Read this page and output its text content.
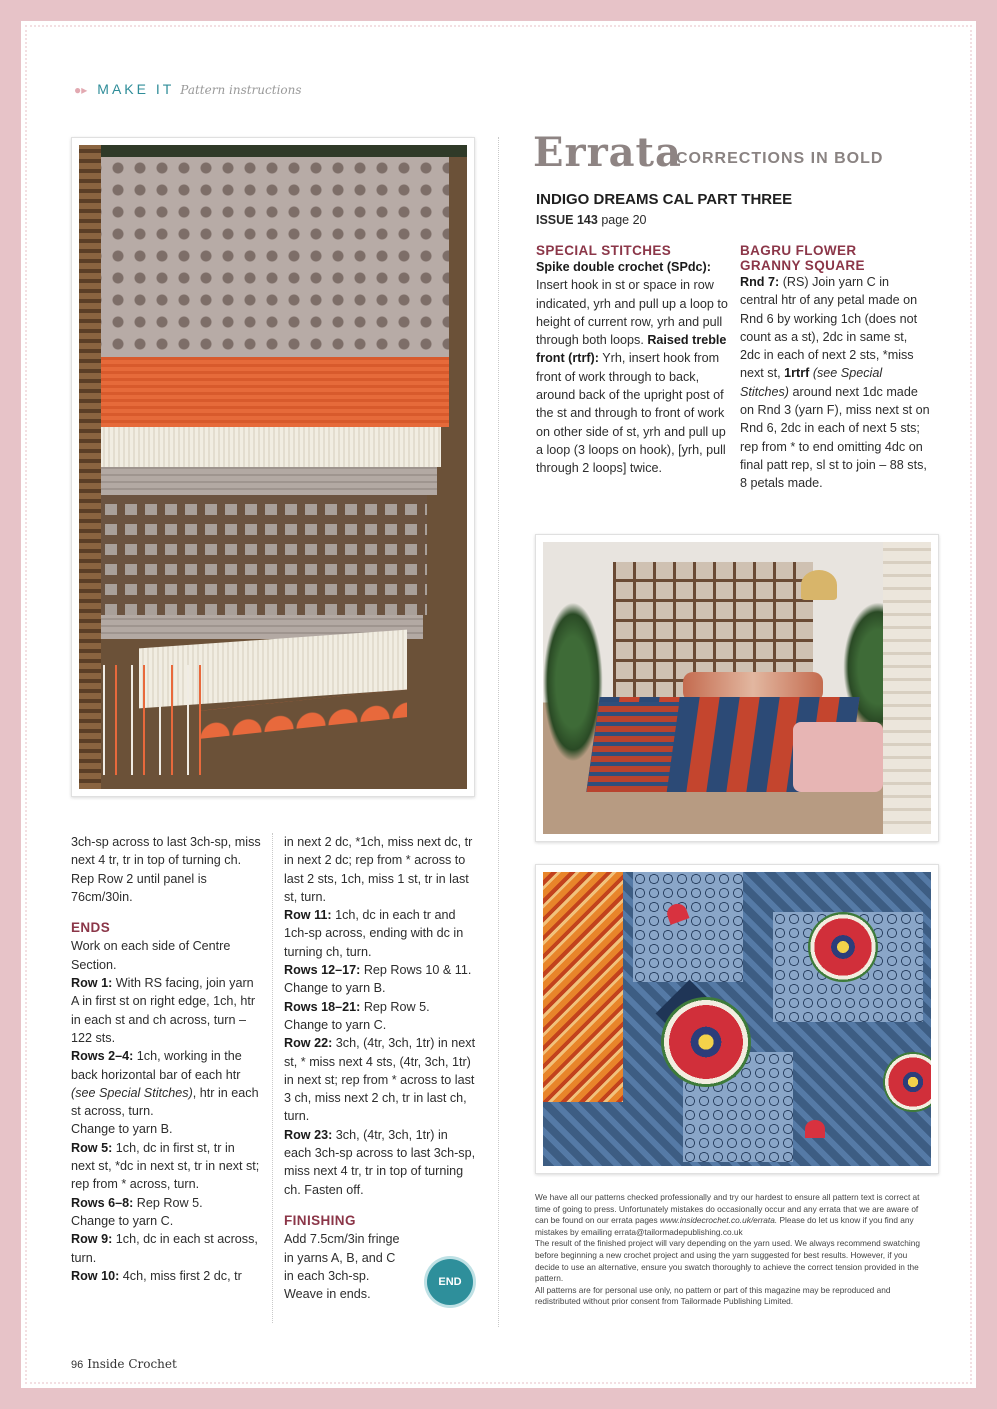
●▸ MAKE IT Pattern instructions
Errata
CORRECTIONS IN BOLD
INDIGO DREAMS CAL PART THREE
ISSUE 143 page 20
SPECIAL STITCHES
Spike double crochet (SPdc): Insert hook in st or space in row indicated, yrh and pull up a loop to height of current row, yrh and pull through both loops. Raised treble front (rtrf): Yrh, insert hook from front of work through to back, around back of the upright post of the st and through to front of work on other side of st, yrh and pull up a loop (3 loops on hook), [yrh, pull through 2 loops] twice.
BAGRU FLOWER
GRANNY SQUARE
Rnd 7: (RS) Join yarn C in central htr of any petal made on Rnd 6 by working 1ch (does not count as a st), 2dc in same st, 2dc in each of next 2 sts, *miss next st, 1rtrf (see Special Stitches) around next 1dc made on Rnd 3 (yarn F), miss next st on Rnd 6, 2dc in each of next 5 sts; rep from * to end omitting 4dc on final patt rep, sl st to join – 88 sts, 8 petals made.
3ch-sp across to last 3ch-sp, miss next 4 tr, tr in top of turning ch.
Rep Row 2 until panel is 76cm/30in.
ENDS
Work on each side of Centre Section.
Row 1: With RS facing, join yarn A in first st on right edge, 1ch, htr in each st and ch across, turn – 122 sts.
Rows 2–4: 1ch, working in the back horizontal bar of each htr (see Special Stitches), htr in each st across, turn.
Change to yarn B.
Row 5: 1ch, dc in first st, tr in next st, *dc in next st, tr in next st; rep from * across, turn.
Rows 6–8: Rep Row 5.
Change to yarn C.
Row 9: 1ch, dc in each st across, turn.
Row 10: 4ch, miss first 2 dc, tr
in next 2 dc, *1ch, miss next dc, tr in next 2 dc; rep from * across to last 2 sts, 1ch, miss 1 st, tr in last st, turn.
Row 11: 1ch, dc in each tr and 1ch-sp across, ending with dc in turning ch, turn.
Rows 12–17: Rep Rows 10 & 11.
Change to yarn B.
Rows 18–21: Rep Row 5.
Change to yarn C.
Row 22: 3ch, (4tr, 3ch, 1tr) in next st, * miss next 4 sts, (4tr, 3ch, 1tr) in next st; rep from * across to last 3 ch, miss next 2 ch, tr in last ch, turn.
Row 23: 3ch, (4tr, 3ch, 1tr) in each 3ch-sp across to last 3ch-sp, miss next 4 tr, tr in top of turning ch. Fasten off.
FINISHING
Add 7.5cm/3in fringe in yarns A, B, and C in each 3ch-sp.
Weave in ends.
END
We have all our patterns checked professionally and try our hardest to ensure all pattern text is correct at time of going to press. Unfortunately mistakes do occasionally occur and any errata that we are aware of can be found on our errata pages www.insidecrochet.co.uk/errata. Please do let us know if you find any mistakes by emailing errata@tailormadepublishing.co.uk
The result of the finished project will vary depending on the yarn used. We always recommend swatching before beginning a new crochet project and using the yarn suggested for best results. However, if you decide to use an alternative, ensure you swatch thoroughly to achieve the correct tension provided in the pattern.
All patterns are for personal use only, no pattern or part of this magazine may be reproduced and redistributed without prior consent from Tailormade Publishing Limited.
96 Inside Crochet
